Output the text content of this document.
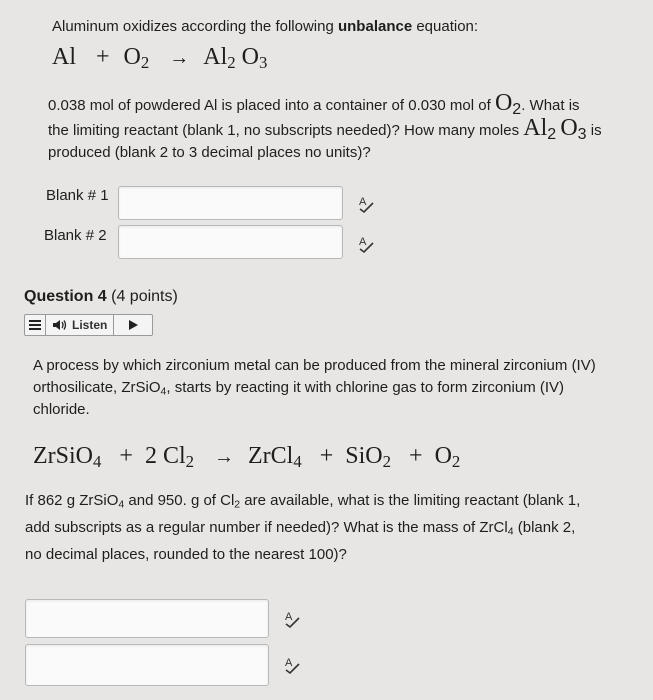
Aluminum oxidizes according the following unbalance equation:
$Al + O_2 \to Al_2$ $O_3$
0.038 mol of powdered Al is placed into a container of 0.030 mol of $O_2$. What is
the limiting reactant (blank 1, no subscripts needed)? How many moles $Al_2$ $O_3$ is
produced (blank 2 to 3 decimal places no units)?
Blank # 1	A
Blank # 2	A
Question 4 (4 points)
Listen
A process by which zirconium metal can be produced from the mineral zirconium (IV)
orthosilicate, ZrSiO$_4$, starts by reacting it with chlorine gas to form zirconium (IV)
chloride.
ZrSiO$_4$ + 2 $Cl_2$ → ZrCl$_4$ + $SiO_2 + O_2$
If 862 g ZrSiO$_4$ and 950. g of $Cl_2$ are available, what is the limiting reactant (blank 1,
add subscripts as a regular number if needed)? What is the mass of ZrCl$_4$ (blank 2,
no decimal places, rounded to the nearest 100)?
A
A
